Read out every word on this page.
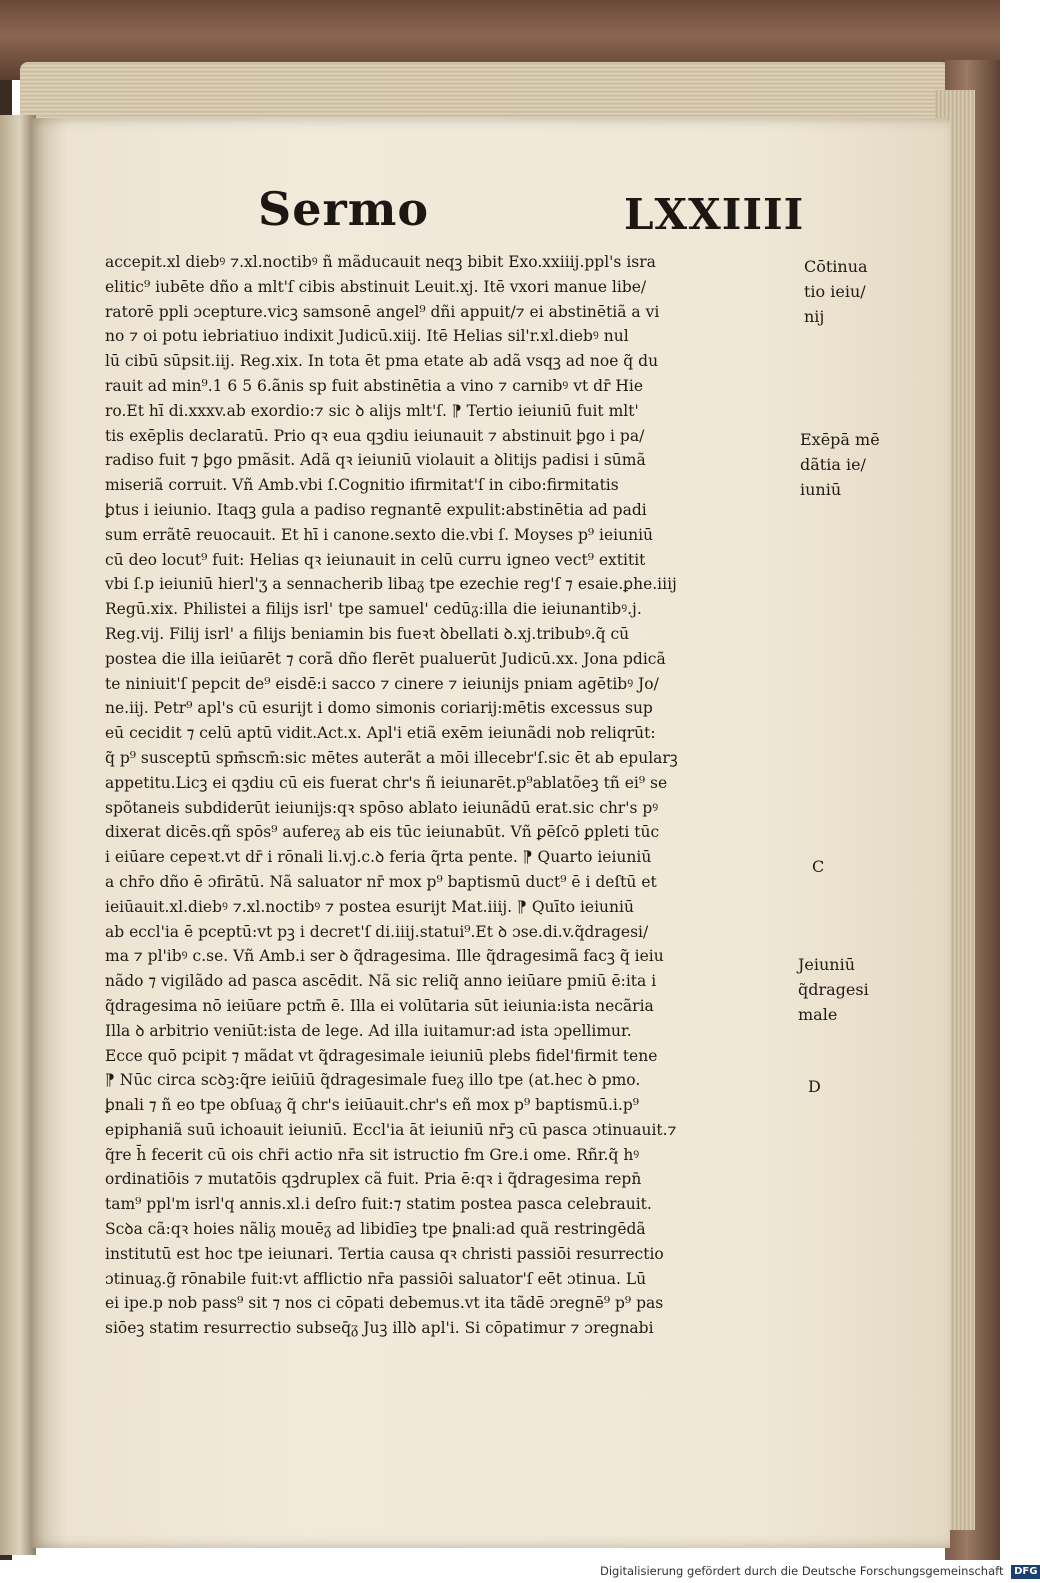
Sermo	LXXIIII
accepit.xl diebꝰ ⁊.xl.noctibꝰ ñ mãducauit neqꝫ bibit Exo.xxiiij.ppl's isra
elitic⁹ iubēte dño a mlt'ſ cibis abstinuit Leuit.xj. Itē vxori manue libe/
ratorē ppli ɔcepture.vicꝫ samsonē angel⁹ dñi appuit/⁊ ei abstinētiã a vi
no ⁊ oi potu iebriatiuo indixit Judicū.xiij. Itē Helias sil'r.xl.diebꝰ nul
lū cibū sūpsit.iij. Reg.xix. In tota ēt pma etate ab adã vsqꝫ ad noe q̃ du
rauit ad min⁹.1 6 5 6.ãnis sp fuit abstinētia a vino ⁊ carnibꝰ vt dr̄ Hie
ro.Et hī di.xxxv.ab exordio:⁊ sic ꝺ alijs mlt'ſ. ⁋ Tertio ieiuniū fuit mlt'
tis exēplis declaratū. Prio qꝛ eua qꝫdiu ieiunauit ⁊ abstinuit ꝧgo i pa/
radiso fuit ⁊ ꝧgo pmãsit. Adã qꝛ ieiuniū violauit a ꝺlitijs padisi i sūmã
miseriã corruit. Vñ Amb.vbi ſ.Cognitio ifirmitat'ſ in cibo:firmitatis
ꝧtus i ieiunio. Itaqꝫ gula a padiso regnantē expulit:abstinētia ad padi
sum errãtē reuocauit. Et hī i canone.sexto die.vbi ſ. Moyses p⁹ ieiuniū
cū deo locut⁹ fuit: Helias qꝛ ieiunauit in celū curru igneo vect⁹ extitit
vbi ſ.p ieiuniū hierl'ʒ a sennacherib libaᵹ tpe ezechie reg'ſ ⁊ esaie.ꝑhe.iiij
Regū.xix. Philistei a filijs isrl' tpe samuel' cedūᵹ:illa die ieiunantibꝰ.j.
Reg.vij. Filij isrl' a filijs beniamin bis fueꝛt ꝺbellati ꝺ.xj.tribubꝰ.q̃ cū
postea die illa ieiūarēt ⁊ corã dño flerēt pualuerūt Judicū.xx. Jona pdicã
te niniuit'ſ pepcit de⁹ eisdē:i sacco ⁊ cinere ⁊ ieiunijs pniam agētibꝰ Jo/
ne.iij. Petr⁹ apl's cū esurijt i domo simonis coriarij:mētis excessus sup
eū cecidit ⁊ celū aptū vidit.Act.x. Apl'i etiã exēm ieiunãdi nob reliqrūt:
q̃ p⁹ susceptū spm̄scm̄:sic mētes auterãt a mōi illecebr'ſ.sic ēt ab epularꝫ
appetitu.Licꝫ ei qꝫdiu cū eis fuerat chr's ñ ieiunarēt.p⁹ablatõeꝫ tñ ei⁹ se
spõtaneis subdiderūt ieiunijs:qꝛ spōso ablato ieiunãdū erat.sic chr's pꝰ
dixerat dicēs.qñ spōs⁹ aufereᵹ ab eis tūc ieiunabūt. Vñ ꝑēſcō ꝑpleti tūc
i eiūare cepeꝛt.vt dr̄ i rōnali li.vj.c.ꝺ feria q̃rta pente. ⁋ Quarto ieiuniū
a chr̄o dño ē ɔfirātū. Nã saluator nr̄ mox p⁹ baptismū duct⁹ ē i deſtū et
ieiūauit.xl.diebꝰ ⁊.xl.noctibꝰ ⁊ postea esurijt Mat.iiij. ⁋ Quīto ieiuniū
ab eccl'ia ē pceptū:vt pꝫ i decret'ſ di.iiij.statui⁹.Et ꝺ ɔse.di.v.q̃dragesi/
ma ⁊ pl'ibꝰ c.se. Vñ Amb.i ser ꝺ q̃dragesima. Ille q̃dragesimã facꝫ q̃ ieiu
nãdo ⁊ vigilãdo ad pasca ascēdit. Nã sic reliq̃ anno ieiūare pmiū ē:ita i
q̃dragesima nō ieiūare pctm̄ ē. Illa ei volūtaria sūt ieiunia:ista necãria
Illa ꝺ arbitrio veniūt:ista de lege. Ad illa iuitamur:ad ista ɔpellimur.
Ecce quō pcipit ⁊ mãdat vt q̃dragesimale ieiuniū plebs fidel'firmit tene
⁋ Nūc circa scꝺꝫ:q̃re ieiūiū q̃dragesimale fueᵹ illo tpe (at.hec ꝺ pmo.
ꝧnali ⁊ ñ eo tpe obſuaᵹ q̃ chr's ieiūauit.chr's eñ mox p⁹ baptismū.i.p⁹
epiphaniã suū ichoauit ieiuniū. Eccl'ia āt ieiuniū nr̄ꝫ cū pasca ɔtinuauit.⁊
q̃re h̄ fecerit cū ois chr̄i actio nr̄a sit istructio fm Gre.i ome. Rñr.q̃ hꝰ
ordinatiōis ⁊ mutatōis qꝫdruplex cã fuit. Pria ē:qꝛ i q̃dragesima repn̄
tam⁹ ppl'm isrl'q annis.xl.i deſro fuit:⁊ statim postea pasca celebrauit.
Scꝺa cã:qꝛ hoies nãliᵹ mouēᵹ ad libidīeꝫ tpe ꝧnali:ad quã restringēdã
institutū est hoc tpe ieiunari. Tertia causa qꝛ christi passiōi resurrectio
ɔtinuaᵹ.g̃ rōnabile fuit:vt afflictio nr̄a passiōi saluator'ſ eēt ɔtinua. Lū
ei ipe.p nob pass⁹ sit ⁊ nos ci cōpati debemus.vt ita tãdē ɔregnē⁹ p⁹ pas
siōeꝫ statim resurrectio subseq̄ᵹ Juꝫ illꝺ apl'i. Si cōpatimur ⁊ ɔregnabi
Cōtinua
tio ieiu/
nij
Exēpā mē
dãtia ie/
iuniū
C
Jeiuniū
q̃dragesi
male
D
Digitalisierung gefördert durch die Deutsche Forschungsgemeinschaft DFG
